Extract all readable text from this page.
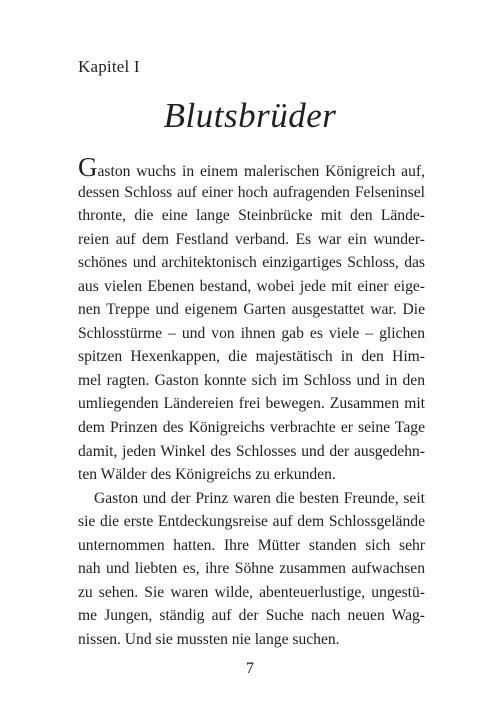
Kapitel I
Blutsbrüder
Gaston wuchs in einem malerischen Königreich auf,
dessen Schloss auf einer hoch aufragenden Felseninsel
thronte, die eine lange Steinbrücke mit den Lände-
reien auf dem Festland verband. Es war ein wunder-
schönes und architektonisch einzigartiges Schloss, das
aus vielen Ebenen bestand, wobei jede mit einer eige-
nen Treppe und eigenem Garten ausgestattet war. Die
Schlosstürme – und von ihnen gab es viele – glichen
spitzen Hexenkappen, die majestätisch in den Him-
mel ragten. Gaston konnte sich im Schloss und in den
umliegenden Ländereien frei bewegen. Zusammen mit
dem Prinzen des Königreichs verbrachte er seine Tage
damit, jeden Winkel des Schlosses und der ausgedehn-
ten Wälder des Königreichs zu erkunden.
Gaston und der Prinz waren die besten Freunde, seit
sie die erste Entdeckungsreise auf dem Schlossgelände
unternommen hatten. Ihre Mütter standen sich sehr
nah und liebten es, ihre Söhne zusammen aufwachsen
zu sehen. Sie waren wilde, abenteuerlustige, ungestü-
me Jungen, ständig auf der Suche nach neuen Wag-
nissen. Und sie mussten nie lange suchen.
7
